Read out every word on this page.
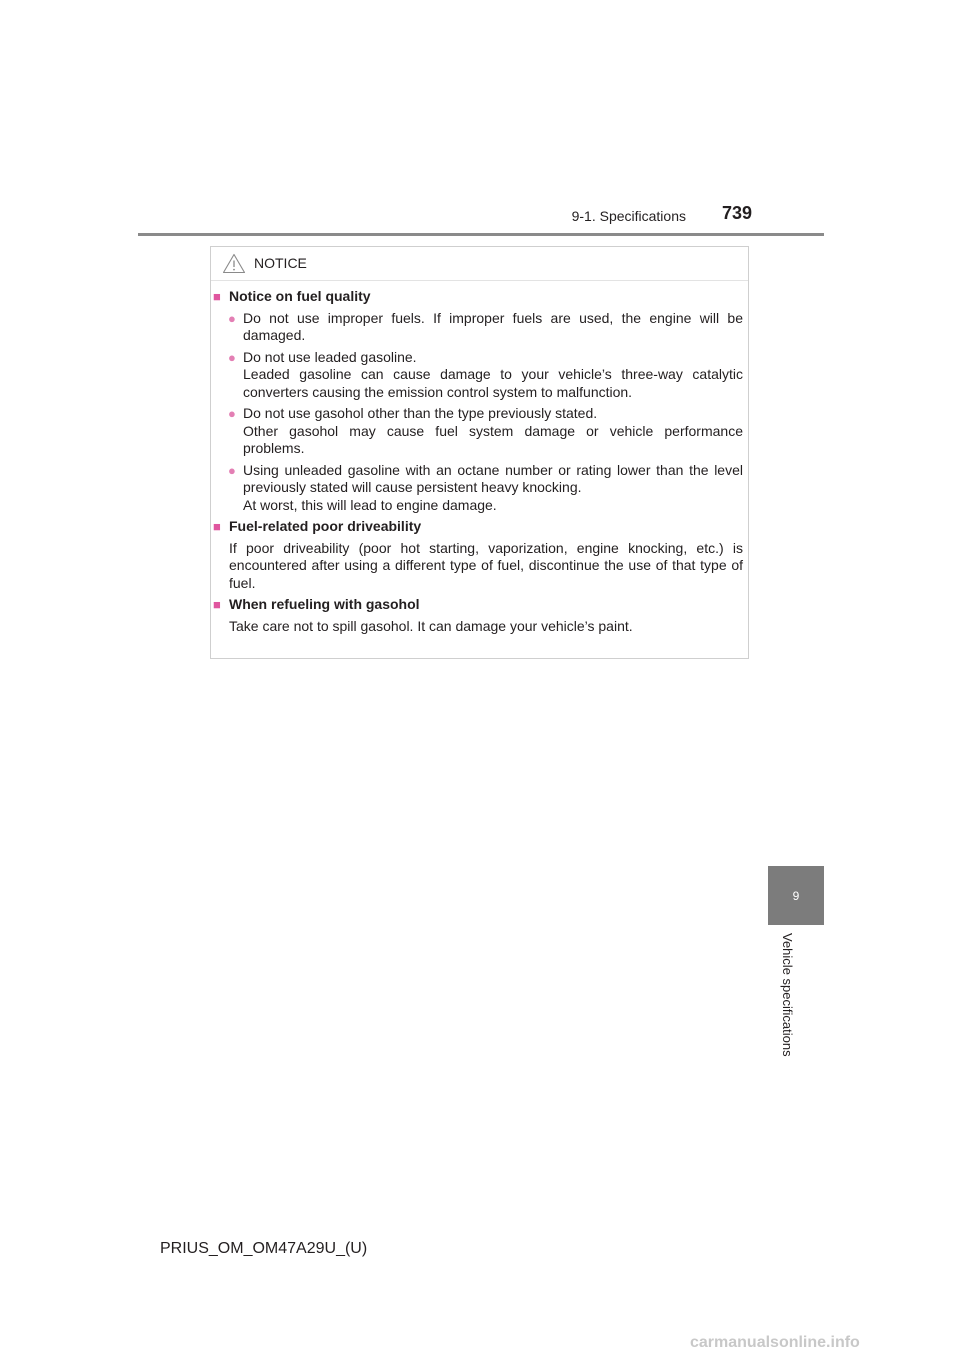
9-1. Specifications 739
NOTICE
■ Notice on fuel quality
● Do not use improper fuels. If improper fuels are used, the engine will be damaged.
● Do not use leaded gasoline.
Leaded gasoline can cause damage to your vehicle’s three-way catalytic converters causing the emission control system to malfunction.
● Do not use gasohol other than the type previously stated.
Other gasohol may cause fuel system damage or vehicle performance problems.
● Using unleaded gasoline with an octane number or rating lower than the level previously stated will cause persistent heavy knocking.
At worst, this will lead to engine damage.
■ Fuel-related poor driveability
If poor driveability (poor hot starting, vaporization, engine knocking, etc.) is encountered after using a different type of fuel, discontinue the use of that type of fuel.
■ When refueling with gasohol
Take care not to spill gasohol. It can damage your vehicle’s paint.
9
Vehicle specifications
PRIUS_OM_OM47A29U_(U)
carmanualsonline.info
